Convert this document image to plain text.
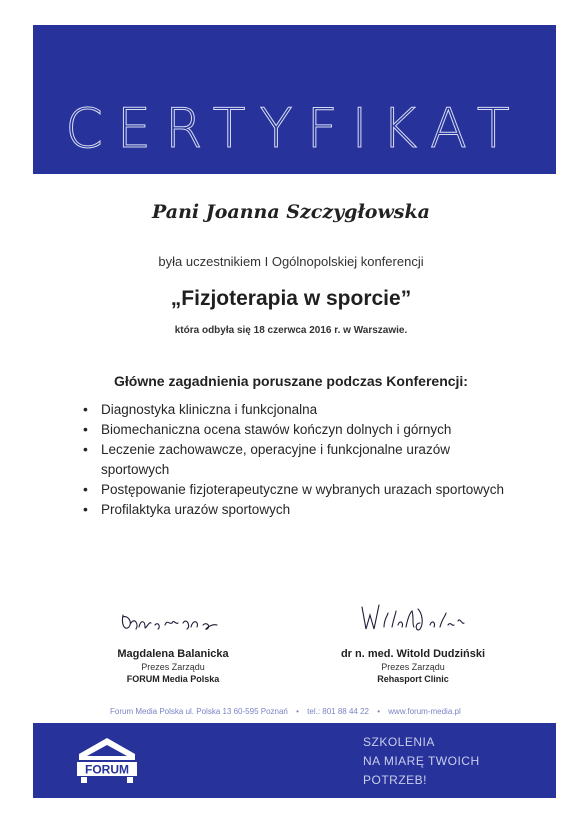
CERTYFIKAT
Pani Joanna Szczygłowska
była uczestnikiem I Ogólnopolskiej konferencji
„Fizjoterapia w sporcie”
która odbyła się 18 czerwca 2016 r. w Warszawie.
Główne zagadnienia poruszane podczas Konferencji:
• Diagnostyka kliniczna i funkcjonalna
• Biomechaniczna ocena stawów kończyn dolnych i górnych
• Leczenie zachowawcze, operacyjne i funkcjonalne urazów sportowych
• Postępowanie fizjoterapeutyczne w wybranych urazach sportowych
• Profilaktyka urazów sportowych
Magdalena Balanicka
Prezes Zarządu
FORUM Media Polska
dr n. med. Witold Dudziński
Prezes Zarządu
Rehasport Clinic
Forum Media Polska ul. Polska 13 60-595 Poznań • tel.: 801 88 44 22 • www.forum-media.pl
FORUM
SZKOLENIA
NA MIARĘ TWOICH
POTRZEB!
